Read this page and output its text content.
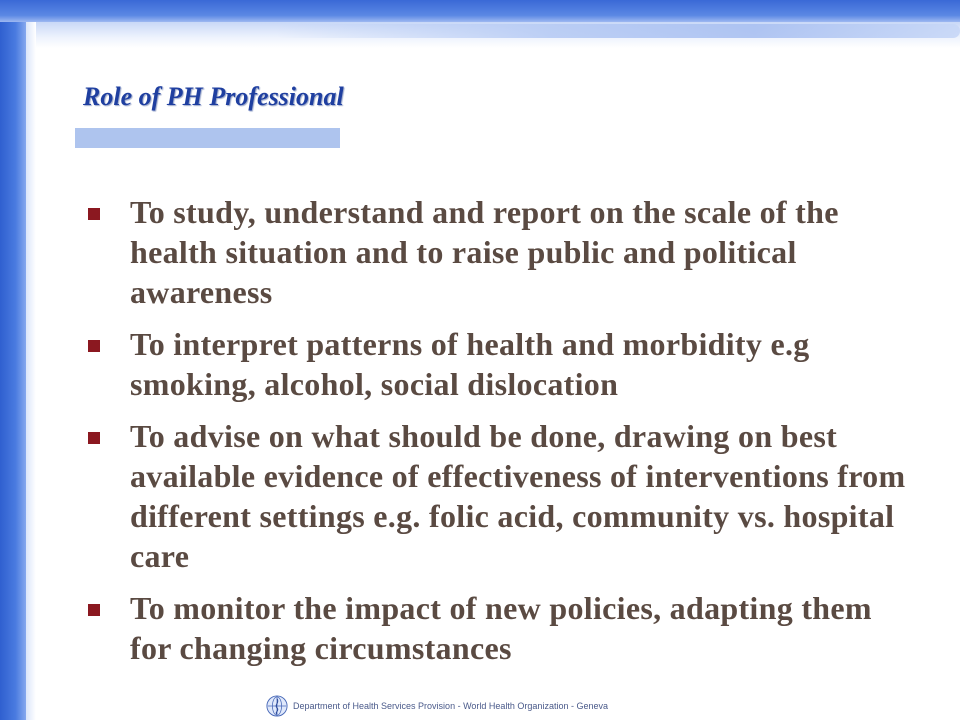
Role of PH Professional
To study, understand and report on the scale of the health situation and to raise public and political awareness
To interpret patterns of health and morbidity e.g smoking, alcohol, social dislocation
To advise on what should be done, drawing on best available evidence of effectiveness of interventions from different settings e.g. folic acid, community vs. hospital care
To monitor the impact of new policies, adapting them for changing circumstances
Department of Health Services Provision - World Health Organization - Geneva
